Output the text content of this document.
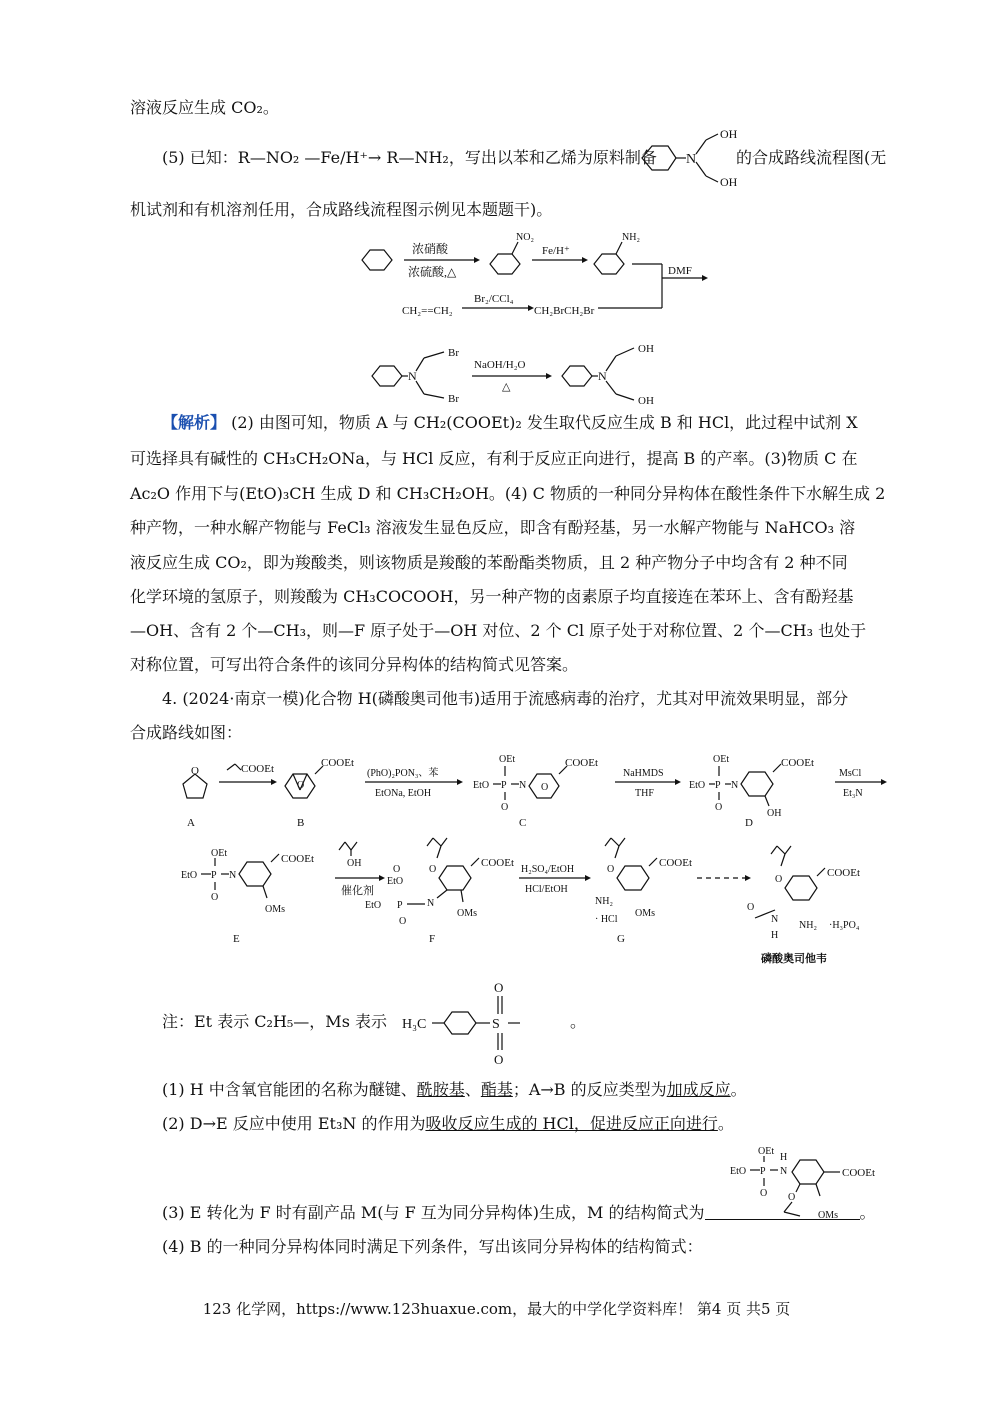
溶液反应生成 CO₂。
(5) 已知：R—NO₂ —Fe/H⁺→ R—NH₂，写出以苯和乙烯为原料制备 N
OH
OH
的合成路线流程图(无
机试剂和有机溶剂任用，合成路线流程图示例见本题题干)。
浓硝酸
浓硫酸,△
NO₂
Fe/H⁺
NH₂
DMF
CH₂==CH₂
Br₂/CCl₄
CH₂BrCH₂Br
N
Br
Br
NaOH/H₂O
△
N
OH
OH
【解析】 (2) 由图可知，物质 A 与 CH₂(COOEt)₂ 发生取代反应生成 B 和 HCl，此过程中试剂 X
可选择具有碱性的 CH₃CH₂ONa，与 HCl 反应，有利于反应正向进行，提高 B 的产率。(3)物质 C 在
Ac₂O 作用下与(EtO)₃CH 生成 D 和 CH₃CH₂OH。(4) C 物质的一种同分异构体在酸性条件下水解生成 2
种产物，一种水解产物能与 FeCl₃ 溶液发生显色反应，即含有酚羟基，另一水解产物能与 NaHCO₃ 溶
液反应生成 CO₂，即为羧酸类，则该物质是羧酸的苯酚酯类物质，且 2 种产物分子中均含有 2 种不同
化学环境的氢原子，则羧酸为 CH₃COCOOH，另一种产物的卤素原子均直接连在苯环上、含有酚羟基
—OH、含有 2 个—CH₃，则—F 原子处于—OH 对位、2 个 Cl 原子处于对称位置、2 个—CH₃ 也处于
对称位置，可写出符合条件的该同分异构体的结构简式见答案。
4. (2024·南京一模)化合物 H(磷酸奥司他韦)适用于流感病毒的治疗，尤其对甲流效果明显，部分
合成路线如图：
O	COOEt
A
O
COOEt
B
(PhO)₂PON₃、苯
EtONa, EtOH
EtO P
OEt
O
N O
COOEt
C
NaHMDS
THF
EtO P
OEt
O
N
COOEt
OH
D
MsCl
Et₃N
OEt
EtO P
O
N
COOEt
OMs
E
OH
催化剂
O
COOEt
N
OMs
EtO
O
EtO P
O
F
H₂SO₄/EtOH
HCl/EtOH
O
COOEt
NH₂
· HCl
OMs
G
O
COOEt
O
N
H
NH₂ ·H₃PO₄
磷酸奥司他韦
注：Et 表示 C₂H₅—，Ms 表示 H₃C	S
O
O
。
(1) H 中含氧官能团的名称为醚键、酰胺基、酯基；A→B 的反应类型为加成反应。
(2) D→E 反应中使用 Et₃N 的作用为吸收反应生成的 HCl，促进反应正向进行。
OEt
EtO P
O
N
H
COOEt
O
OMs
(3) E 转化为 F 时有副产品 M(与 F 互为同分异构体)生成，M 的结构简式为	。
(4) B 的一种同分异构体同时满足下列条件，写出该同分异构体的结构简式：
123 化学网，https://www.123huaxue.com，最大的中学化学资料库！ 第4 页 共5 页
